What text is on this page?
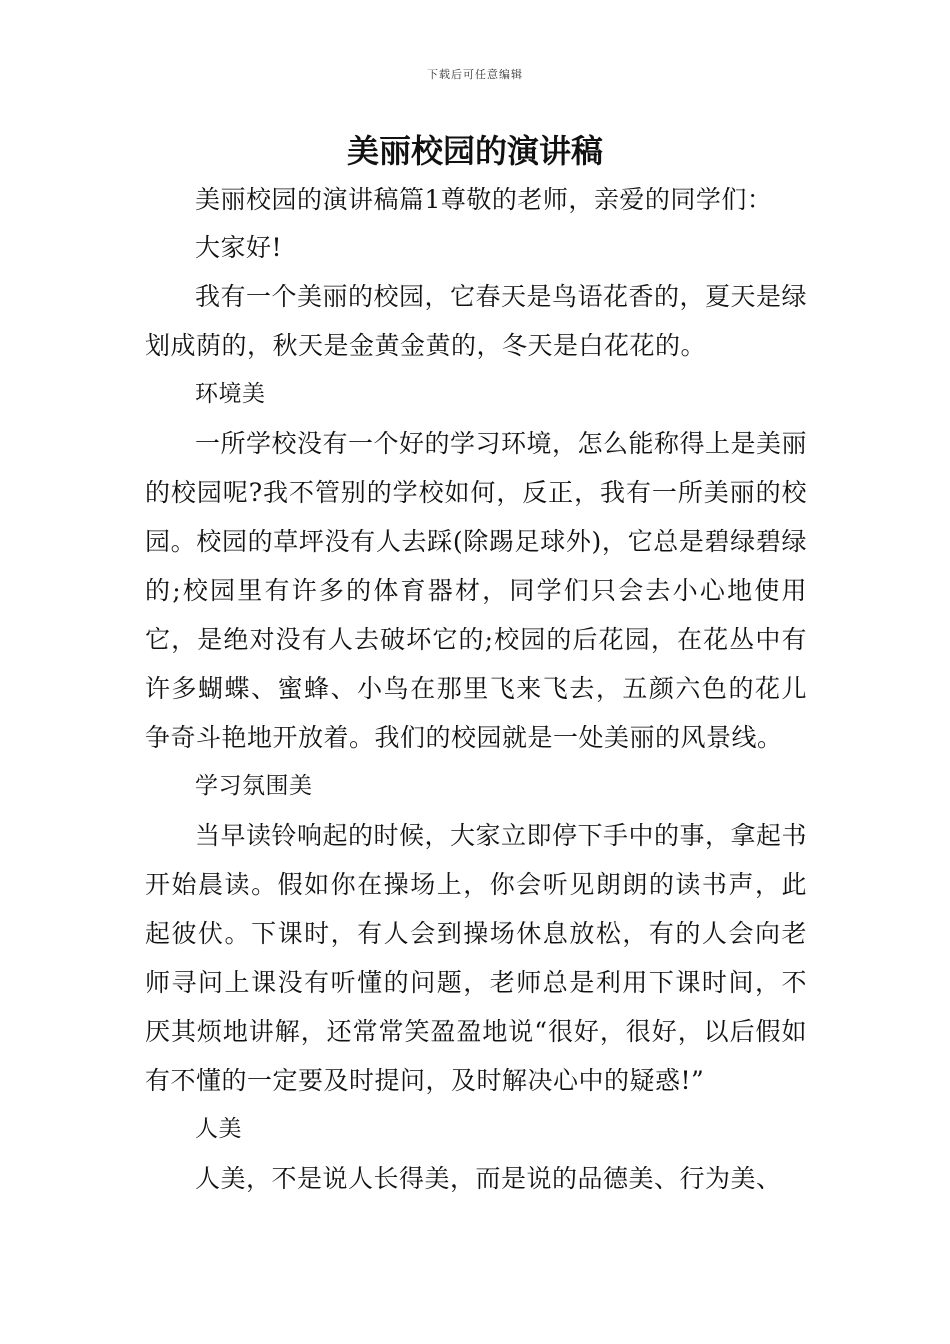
下载后可任意编辑
美丽校园的演讲稿

美丽校园的演讲稿篇1尊敬的老师，亲爱的同学们：

大家好!

我有一个美丽的校园，它春天是鸟语花香的，夏天是绿划成荫的，秋天是金黄金黄的，冬天是白花花的。

环境美

一所学校没有一个好的学习环境，怎么能称得上是美丽的校园呢?我不管别的学校如何，反正，我有一所美丽的校园。校园的草坪没有人去踩(除踢足球外)，它总是碧绿碧绿的;校园里有许多的体育器材，同学们只会去小心地使用它，是绝对没有人去破坏它的;校园的后花园，在花丛中有许多蝴蝶、蜜蜂、小鸟在那里飞来飞去，五颜六色的花儿争奇斗艳地开放着。我们的校园就是一处美丽的风景线。

学习氛围美

当早读铃响起的时候，大家立即停下手中的事，拿起书开始晨读。假如你在操场上，你会听见朗朗的读书声，此起彼伏。下课时，有人会到操场休息放松，有的人会向老师寻问上课没有听懂的问题，老师总是利用下课时间，不厌其烦地讲解，还常常笑盈盈地说“很好，很好，以后假如有不懂的一定要及时提问，及时解决心中的疑惑!”

人美

人美，不是说人长得美，而是说的品德美、行为美、
